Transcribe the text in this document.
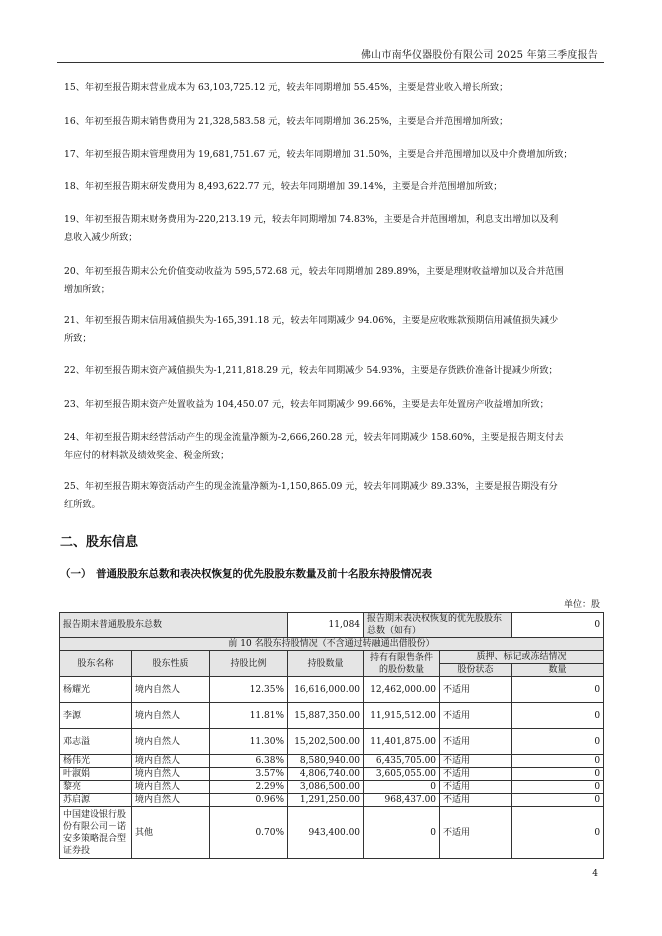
佛山市南华仪器股份有限公司 2025 年第三季度报告
15、年初至报告期末营业成本为 63,103,725.12 元，较去年同期增加 55.45%，主要是营业收入增长所致；
16、年初至报告期末销售费用为 21,328,583.58 元，较去年同期增加 36.25%，主要是合并范围增加所致；
17、年初至报告期末管理费用为 19,681,751.67 元，较去年同期增加 31.50%，主要是合并范围增加以及中介费增加所致；
18、年初至报告期末研发费用为 8,493,622.77 元，较去年同期增加 39.14%，主要是合并范围增加所致；
19、年初至报告期末财务费用为-220,213.19 元，较去年同期增加 74.83%，主要是合并范围增加，利息支出增加以及利
息收入减少所致；
20、年初至报告期末公允价值变动收益为 595,572.68 元，较去年同期增加 289.89%，主要是理财收益增加以及合并范围
增加所致；
21、年初至报告期末信用减值损失为-165,391.18 元，较去年同期减少 94.06%，主要是应收账款预期信用减值损失减少
所致；
22、年初至报告期末资产减值损失为-1,211,818.29 元，较去年同期减少 54.93%，主要是存货跌价准备计提减少所致；
23、年初至报告期末资产处置收益为 104,450.07 元，较去年同期减少 99.66%，主要是去年处置房产收益增加所致；
24、年初至报告期末经营活动产生的现金流量净额为-2,666,260.28 元，较去年同期减少 158.60%，主要是报告期支付去
年应付的材料款及绩效奖金、税金所致；
25、年初至报告期末筹资活动产生的现金流量净额为-1,150,865.09 元，较去年同期减少 89.33%，主要是报告期没有分
红所致。
二、股东信息
（一） 普通股股东总数和表决权恢复的优先股股东数量及前十名股东持股情况表
单位：股
报告期末普通股股东总数			11,084	报告期末表决权恢复的优先股股东总数（如有）		0
前 10 名股东持股情况（不含通过转融通出借股份）						
股东名称	股东性质	持股比例	持股数量	持有有限售条件的股份数量	质押、标记或冻结情况	
					股份状态	数量
杨耀光	境内自然人	12.35%	16,616,000.00	12,462,000.00	不适用	0
李源	境内自然人	11.81%	15,887,350.00	11,915,512.00	不适用	0
邓志溢	境内自然人	11.30%	15,202,500.00	11,401,875.00	不适用	0
杨伟光	境内自然人	6.38%	8,580,940.00	6,435,705.00	不适用	0
叶淑娟	境内自然人	3.57%	4,806,740.00	3,605,055.00	不适用	0
黎亮	境内自然人	2.29%	3,086,500.00	0	不适用	0
苏启源	境内自然人	0.96%	1,291,250.00	968,437.00	不适用	0
中国建设银行股份有限公司－诺安多策略混合型证券投	其他	0.70%	943,400.00	0	不适用	0
4
